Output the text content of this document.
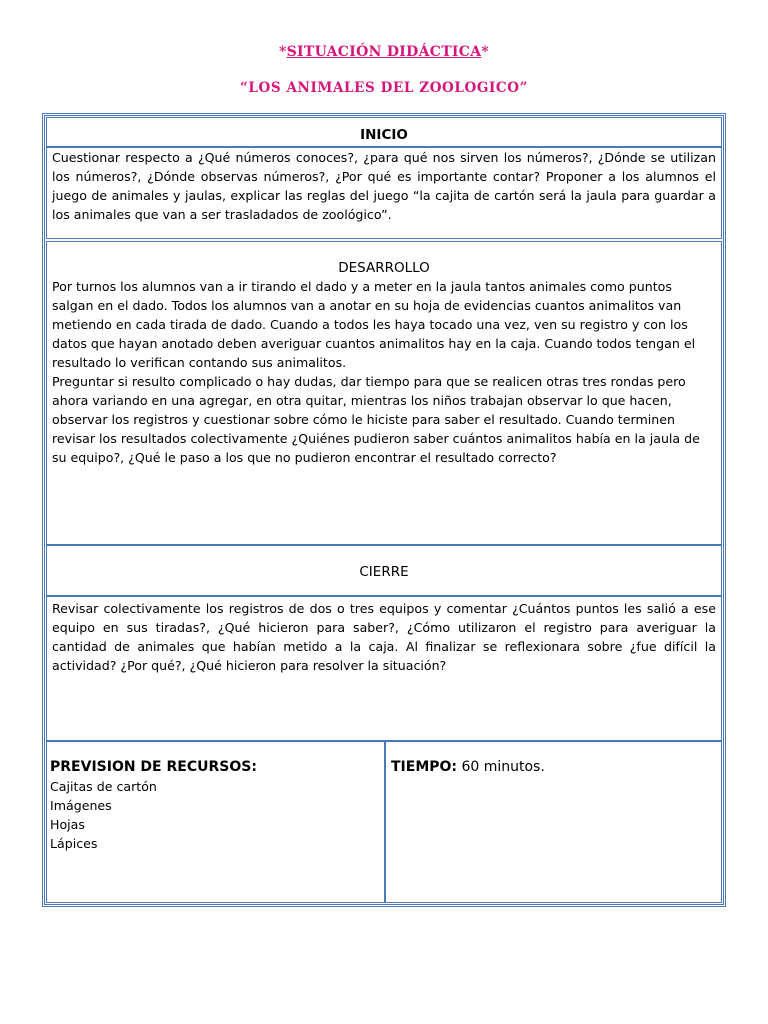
*SITUACIÓN DIDÁCTICA*
“LOS ANIMALES DEL ZOOLOGICO”
INICIO
Cuestionar respecto a ¿Qué números conoces?, ¿para qué nos sirven los números?, ¿Dónde se utilizan los números?, ¿Dónde observas números?, ¿Por qué es importante contar? Proponer a los alumnos el juego de animales y jaulas, explicar las reglas del juego “la cajita de cartón será la jaula para guardar a los animales que van a ser trasladados de zoológico”.
DESARROLLO
Por turnos los alumnos van a ir tirando el dado y a meter en la jaula tantos animales como puntos salgan en el dado. Todos los alumnos van a anotar en su hoja de evidencias cuantos animalitos van metiendo en cada tirada de dado. Cuando a todos les haya tocado una vez, ven su registro y con los datos que hayan anotado deben averiguar cuantos animalitos hay en la caja. Cuando todos tengan el resultado lo verifican contando sus animalitos.
Preguntar si resulto complicado o hay dudas, dar tiempo para que se realicen otras tres rondas pero ahora variando en una agregar, en otra quitar, mientras los niños trabajan observar lo que hacen, observar los registros y cuestionar sobre cómo le hiciste para saber el resultado. Cuando terminen revisar los resultados colectivamente ¿Quiénes pudieron saber cuántos animalitos había en la jaula de su equipo?, ¿Qué le paso a los que no pudieron encontrar el resultado correcto?
CIERRE
Revisar colectivamente los registros de dos o tres equipos y comentar ¿Cuántos puntos les salió a ese equipo en sus tiradas?, ¿Qué hicieron para saber?, ¿Cómo utilizaron el registro para averiguar la cantidad de animales que habían metido a la caja. Al finalizar se reflexionara sobre ¿fue difícil la actividad? ¿Por qué?, ¿Qué hicieron para resolver la situación?
PREVISION DE RECURSOS:
Cajitas de cartón
Imágenes
Hojas
Lápices
TIEMPO: 60 minutos.
